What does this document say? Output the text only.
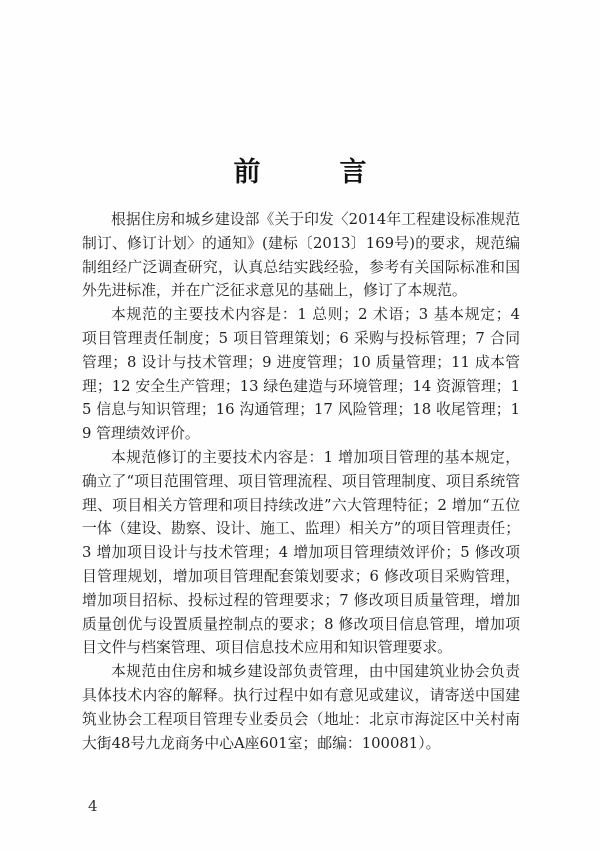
前　言

根据住房和城乡建设部《关于印发〈2014年工程建设标准规范制订、修订计划〉的通知》(建标〔2013〕169号)的要求，规范编制组经广泛调查研究，认真总结实践经验，参考有关国际标准和国外先进标准，并在广泛征求意见的基础上，修订了本规范。

本规范的主要技术内容是：1 总则；2 术语；3 基本规定；4 项目管理责任制度；5 项目管理策划；6 采购与投标管理；7 合同管理；8 设计与技术管理；9 进度管理；10 质量管理；11 成本管理；12 安全生产管理；13 绿色建造与环境管理；14 资源管理；15 信息与知识管理；16 沟通管理；17 风险管理；18 收尾管理；19 管理绩效评价。

本规范修订的主要技术内容是：1 增加项目管理的基本规定，确立了“项目范围管理、项目管理流程、项目管理制度、项目系统管理、项目相关方管理和项目持续改进”六大管理特征；2 增加“五位一体（建设、勘察、设计、施工、监理）相关方”的项目管理责任；3 增加项目设计与技术管理；4 增加项目管理绩效评价；5 修改项目管理规划，增加项目管理配套策划要求；6 修改项目采购管理，增加项目招标、投标过程的管理要求；7 修改项目质量管理，增加质量创优与设置质量控制点的要求；8 修改项目信息管理，增加项目文件与档案管理、项目信息技术应用和知识管理要求。

本规范由住房和城乡建设部负责管理，由中国建筑业协会负责具体技术内容的解释。执行过程中如有意见或建议，请寄送中国建筑业协会工程项目管理专业委员会（地址：北京市海淀区中关村南大街48号九龙商务中心A座601室；邮编：100081）。

4
